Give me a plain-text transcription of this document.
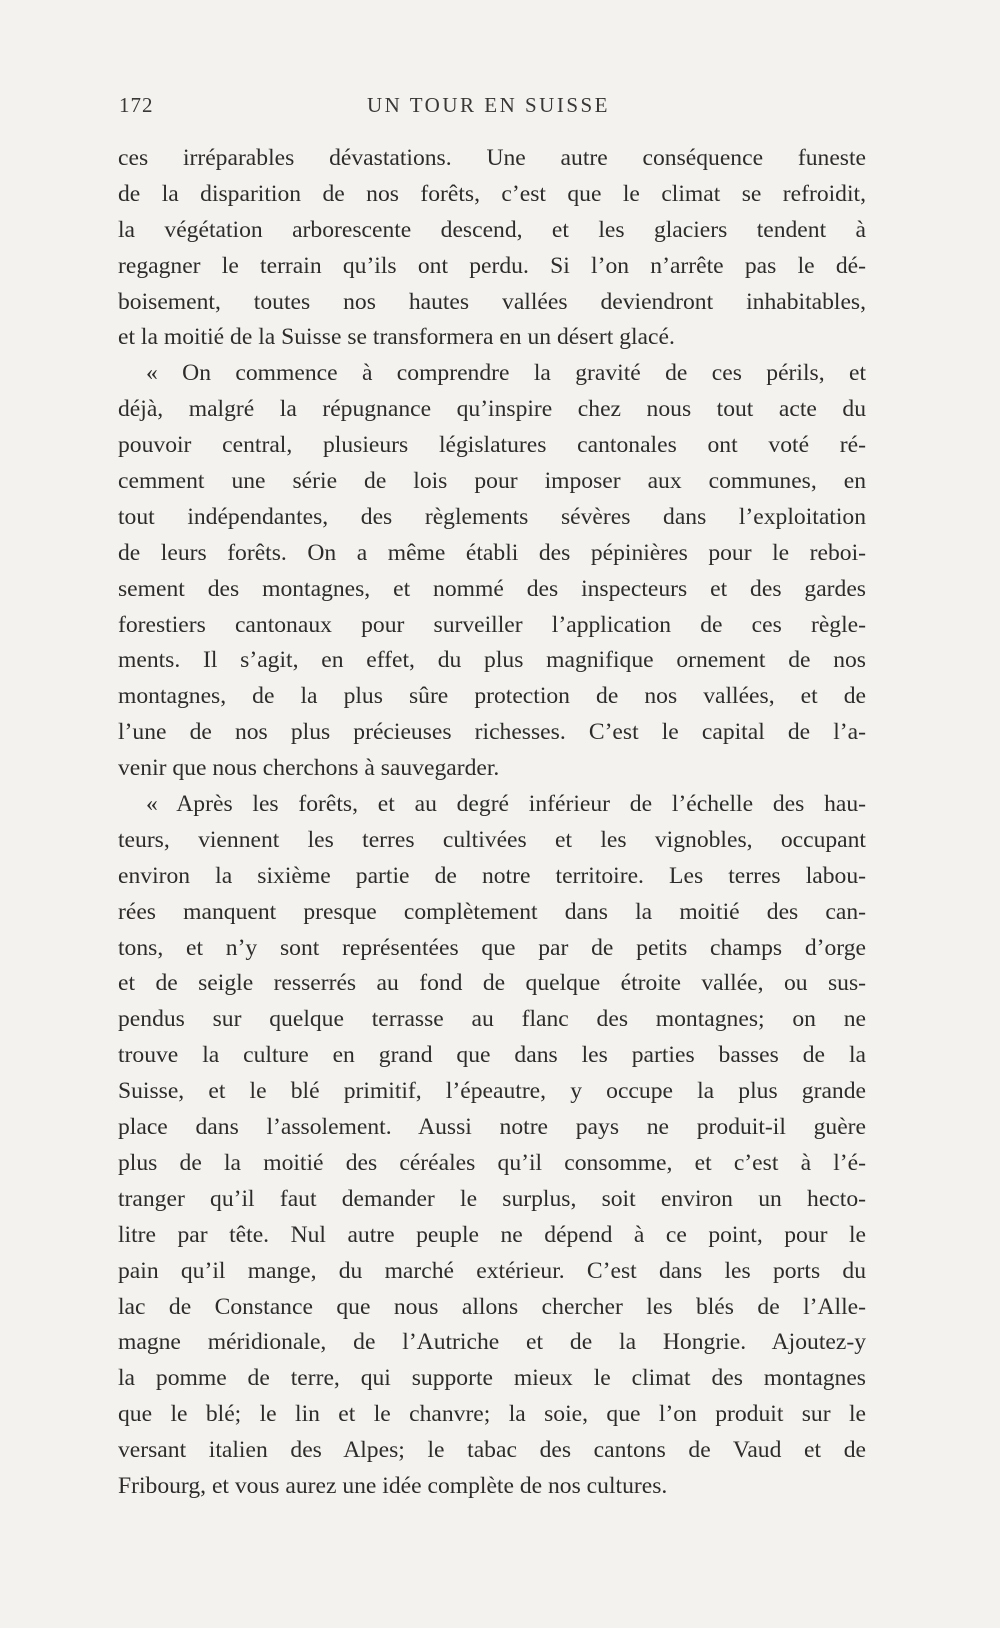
172	UN TOUR EN SUISSE
ces irréparables dévastations. Une autre conséquence funeste
de la disparition de nos forêts, c’est que le climat se refroidit,
la végétation arborescente descend, et les glaciers tendent à
regagner le terrain qu’ils ont perdu. Si l’on n’arrête pas le dé-
boisement, toutes nos hautes vallées deviendront inhabitables,
et la moitié de la Suisse se transformera en un désert glacé.
« On commence à comprendre la gravité de ces périls, et
déjà, malgré la répugnance qu’inspire chez nous tout acte du
pouvoir central, plusieurs législatures cantonales ont voté ré-
cemment une série de lois pour imposer aux communes, en
tout indépendantes, des règlements sévères dans l’exploitation
de leurs forêts. On a même établi des pépinières pour le reboi-
sement des montagnes, et nommé des inspecteurs et des gardes
forestiers cantonaux pour surveiller l’application de ces règle-
ments. Il s’agit, en effet, du plus magnifique ornement de nos
montagnes, de la plus sûre protection de nos vallées, et de
l’une de nos plus précieuses richesses. C’est le capital de l’a-
venir que nous cherchons à sauvegarder.
« Après les forêts, et au degré inférieur de l’échelle des hau-
teurs, viennent les terres cultivées et les vignobles, occupant
environ la sixième partie de notre territoire. Les terres labou-
rées manquent presque complètement dans la moitié des can-
tons, et n’y sont représentées que par de petits champs d’orge
et de seigle resserrés au fond de quelque étroite vallée, ou sus-
pendus sur quelque terrasse au flanc des montagnes; on ne
trouve la culture en grand que dans les parties basses de la
Suisse, et le blé primitif, l’épeautre, y occupe la plus grande
place dans l’assolement. Aussi notre pays ne produit-il guère
plus de la moitié des céréales qu’il consomme, et c’est à l’é-
tranger qu’il faut demander le surplus, soit environ un hecto-
litre par tête. Nul autre peuple ne dépend à ce point, pour le
pain qu’il mange, du marché extérieur. C’est dans les ports du
lac de Constance que nous allons chercher les blés de l’Alle-
magne méridionale, de l’Autriche et de la Hongrie. Ajoutez-y
la pomme de terre, qui supporte mieux le climat des montagnes
que le blé; le lin et le chanvre; la soie, que l’on produit sur le
versant italien des Alpes; le tabac des cantons de Vaud et de
Fribourg, et vous aurez une idée complète de nos cultures.
